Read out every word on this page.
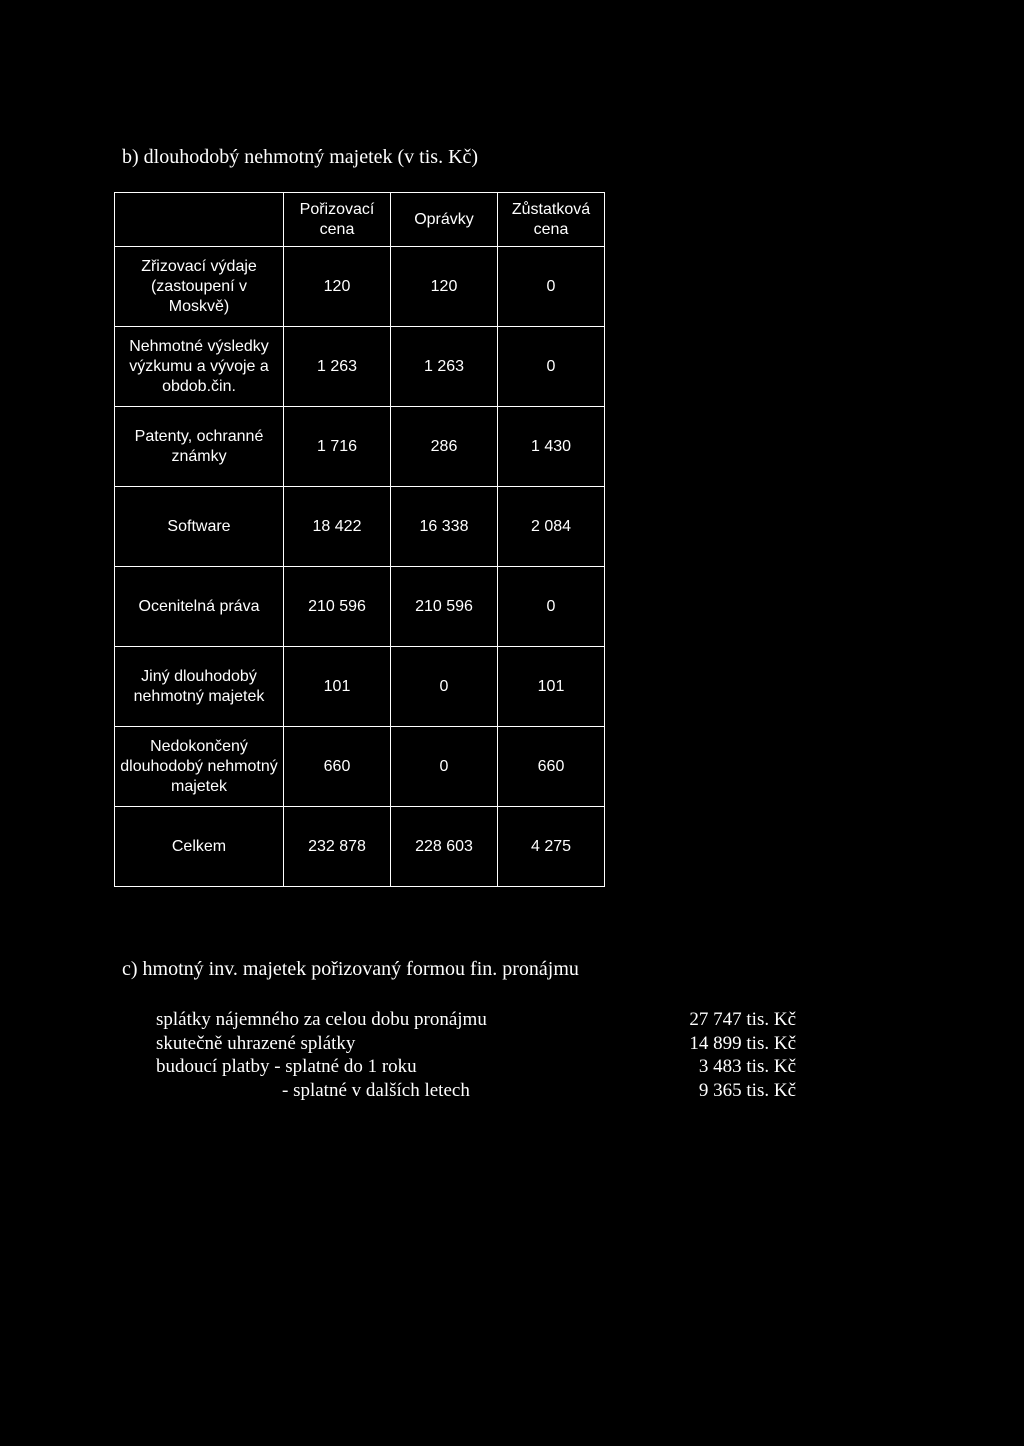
b) dlouhodobý nehmotný majetek (v tis. Kč)
	Pořizovací cena	Oprávky	Zůstatková cena
Zřizovací výdaje (zastoupení v Moskvě)	120	120	0
Nehmotné výsledky výzkumu a vývoje a obdob.čin.	1 263	1 263	0
Patenty, ochranné známky	1 716	286	1 430
Software	18 422	16 338	2 084
Ocenitelná práva	210 596	210 596	0
Jiný dlouhodobý nehmotný majetek	101	0	101
Nedokončený dlouhodobý nehmotný majetek	660	0	660
Celkem	232 878	228 603	4 275
c) hmotný inv. majetek pořizovaný formou fin. pronájmu
splátky nájemného za celou dobu pronájmu	27 747 tis. Kč
skutečně uhrazené splátky	14 899 tis. Kč
budoucí platby - splatné do 1 roku	3 483 tis. Kč
- splatné v dalších letech	9 365 tis. Kč
